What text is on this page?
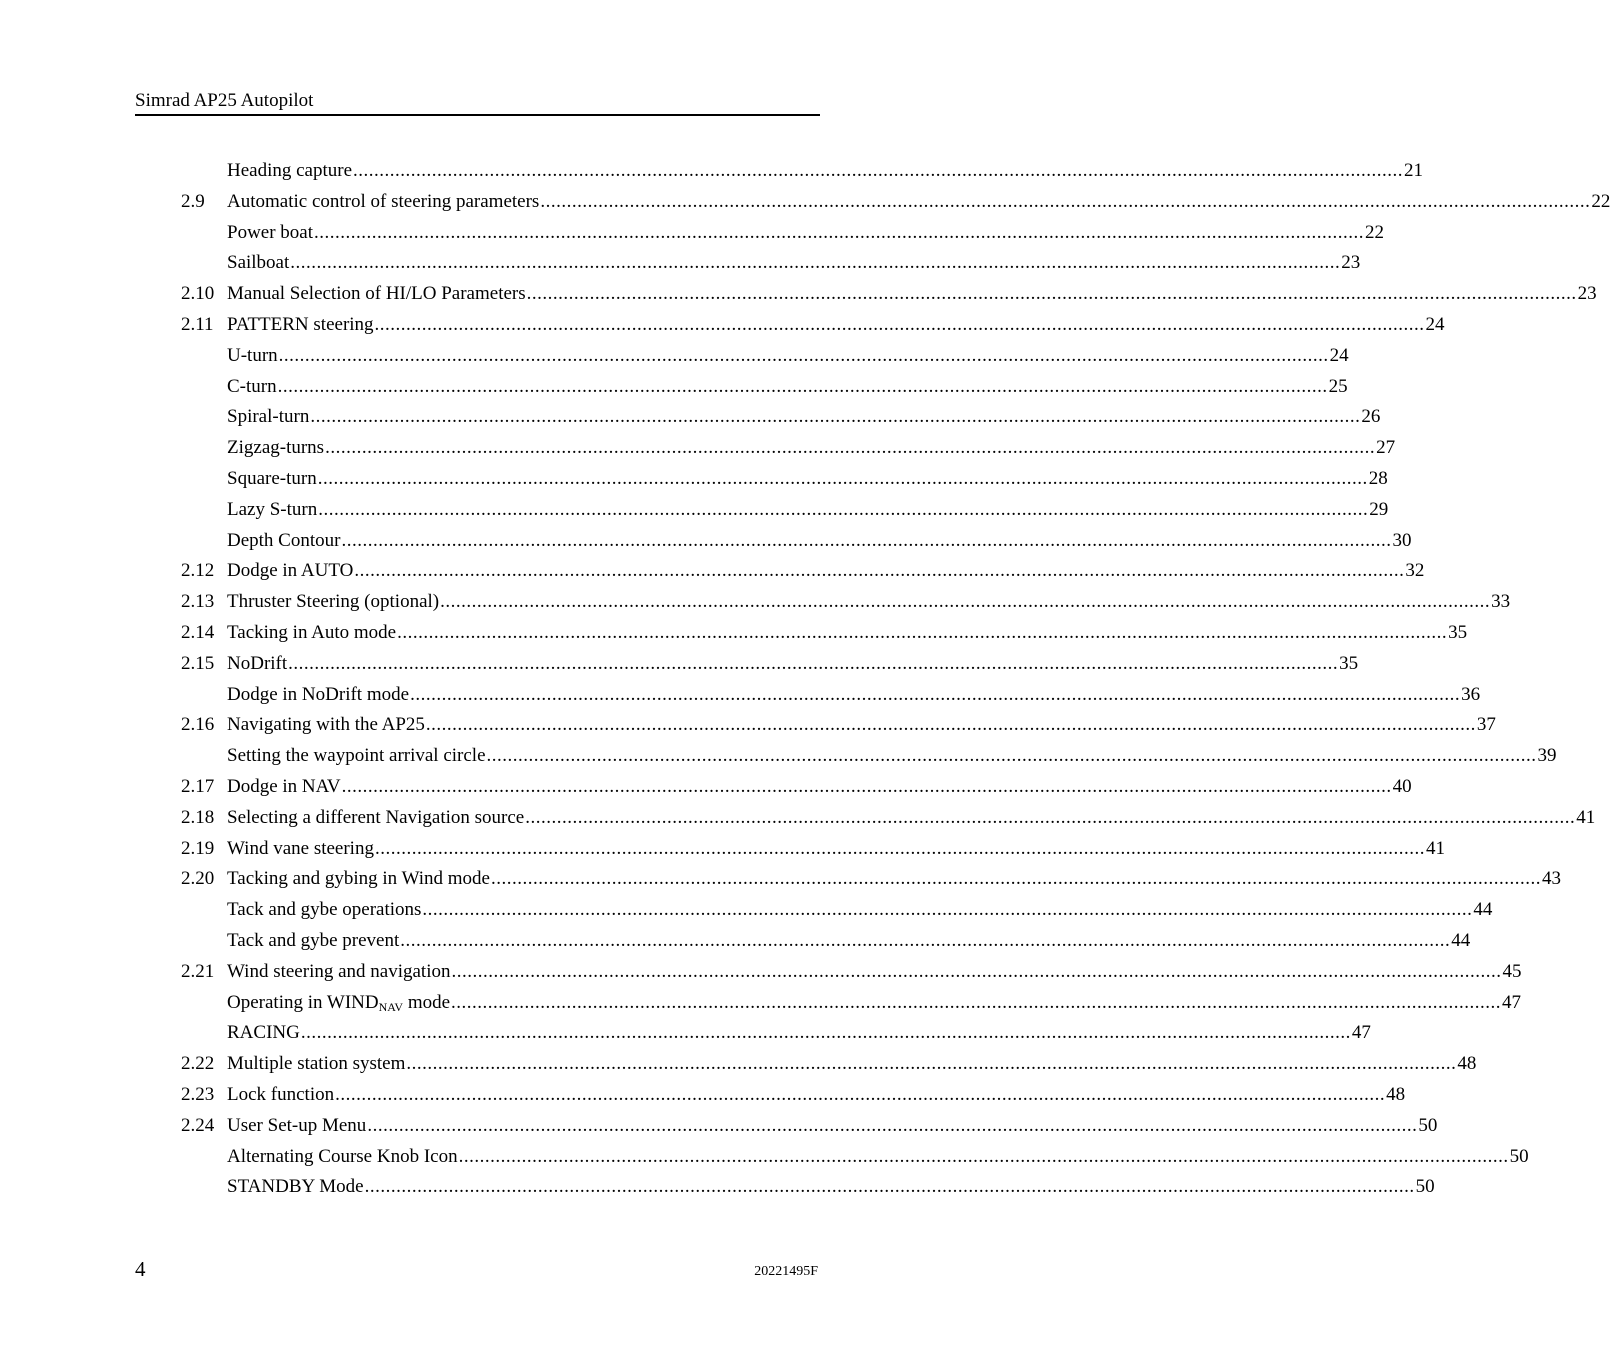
Simrad AP25 Autopilot
Heading capture ........................................................................................................................................................................................................ 21
2.9	Automatic control of steering parameters ........................................................................................................................................................................................................ 22
Power boat ........................................................................................................................................................................................................ 22
Sailboat ........................................................................................................................................................................................................ 23
2.10 Manual Selection of HI/LO Parameters ........................................................................................................................................................................................................ 23
2.11 PATTERN steering ........................................................................................................................................................................................................ 24
U-turn ........................................................................................................................................................................................................ 24
C-turn ........................................................................................................................................................................................................ 25
Spiral-turn ........................................................................................................................................................................................................ 26
Zigzag-turns ........................................................................................................................................................................................................ 27
Square-turn ........................................................................................................................................................................................................ 28
Lazy S-turn ........................................................................................................................................................................................................ 29
Depth Contour ........................................................................................................................................................................................................ 30
2.12 Dodge in AUTO ........................................................................................................................................................................................................ 32
2.13 Thruster Steering (optional) ........................................................................................................................................................................................................ 33
2.14 Tacking in Auto mode ........................................................................................................................................................................................................ 35
2.15 NoDrift ........................................................................................................................................................................................................ 35
Dodge in NoDrift mode ........................................................................................................................................................................................................ 36
2.16 Navigating with the AP25 ........................................................................................................................................................................................................ 37
Setting the waypoint arrival circle ........................................................................................................................................................................................................ 39
2.17 Dodge in NAV ........................................................................................................................................................................................................ 40
2.18 Selecting a different Navigation source ........................................................................................................................................................................................................ 41
2.19 Wind vane steering ........................................................................................................................................................................................................ 41
2.20 Tacking and gybing in Wind mode ........................................................................................................................................................................................................ 43
Tack and gybe operations ........................................................................................................................................................................................................ 44
Tack and gybe prevent ........................................................................................................................................................................................................ 44
2.21 Wind steering and navigation ........................................................................................................................................................................................................ 45
Operating in $WIND_{NAV}$ mode ........................................................................................................................................................................................................ 47
RACING ........................................................................................................................................................................................................ 47
2.22 Multiple station system ........................................................................................................................................................................................................ 48
2.23 Lock function ........................................................................................................................................................................................................ 48
2.24 User Set-up Menu ........................................................................................................................................................................................................ 50
Alternating Course Knob Icon ........................................................................................................................................................................................................ 50
STANDBY Mode ........................................................................................................................................................................................................ 50
4	20221495F
